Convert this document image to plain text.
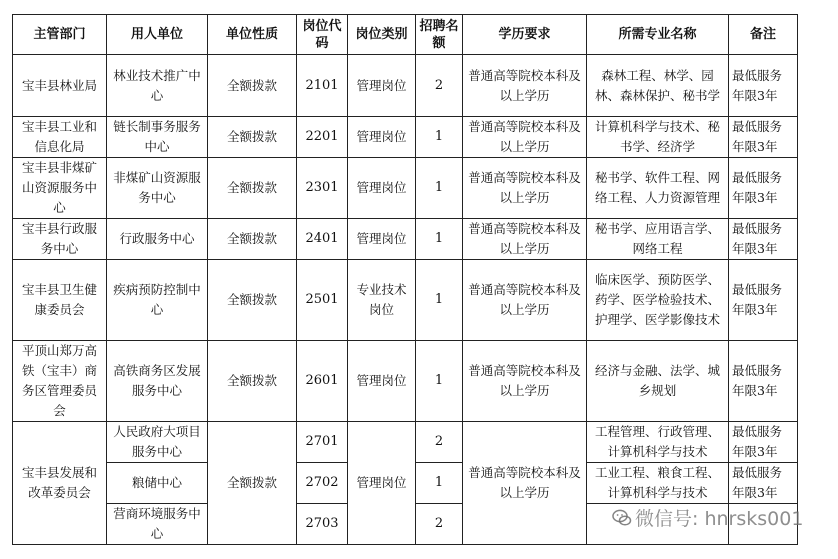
主管部门	用人单位	单位性质	岗位代码	岗位类别	招聘名额	学历要求	所需专业名称	备注
宝丰县林业局	林业技术推广中心	全额拨款	2101	管理岗位	2	普通高等院校本科及以上学历	森林工程、林学、园林、森林保护、秘书学	最低服务年限3年
宝丰县工业和信息化局	链长制事务服务中心	全额拨款	2201	管理岗位	1	普通高等院校本科及以上学历	计算机科学与技术、秘书学、经济学	最低服务年限3年
宝丰县非煤矿山资源服务中心	非煤矿山资源服务中心	全额拨款	2301	管理岗位	1	普通高等院校本科及以上学历	秘书学、软件工程、网络工程、人力资源管理	最低服务年限3年
宝丰县行政服务中心	行政服务中心	全额拨款	2401	管理岗位	1	普通高等院校本科及以上学历	秘书学、应用语言学、网络工程	最低服务年限3年
宝丰县卫生健康委员会	疾病预防控制中心	全额拨款	2501	专业技术岗位	1	普通高等院校本科及以上学历	临床医学、预防医学、药学、医学检验技术、护理学、医学影像技术	最低服务年限3年
平顶山郑万高铁（宝丰）商务区管理委员会	高铁商务区发展服务中心	全额拨款	2601	管理岗位	1	普通高等院校本科及以上学历	经济与金融、法学、城乡规划	最低服务年限3年
宝丰县发展和改革委员会	人民政府大项目服务中心	全额拨款	2701	管理岗位	2	普通高等院校本科及以上学历	工程管理、行政管理、计算机科学与技术	最低服务年限3年
	粮储中心		2702		1		工业工程、粮食工程、计算机科学与技术	最低服务年限3年
	营商环境服务中心		2703		2				微信号: hnrsks001
